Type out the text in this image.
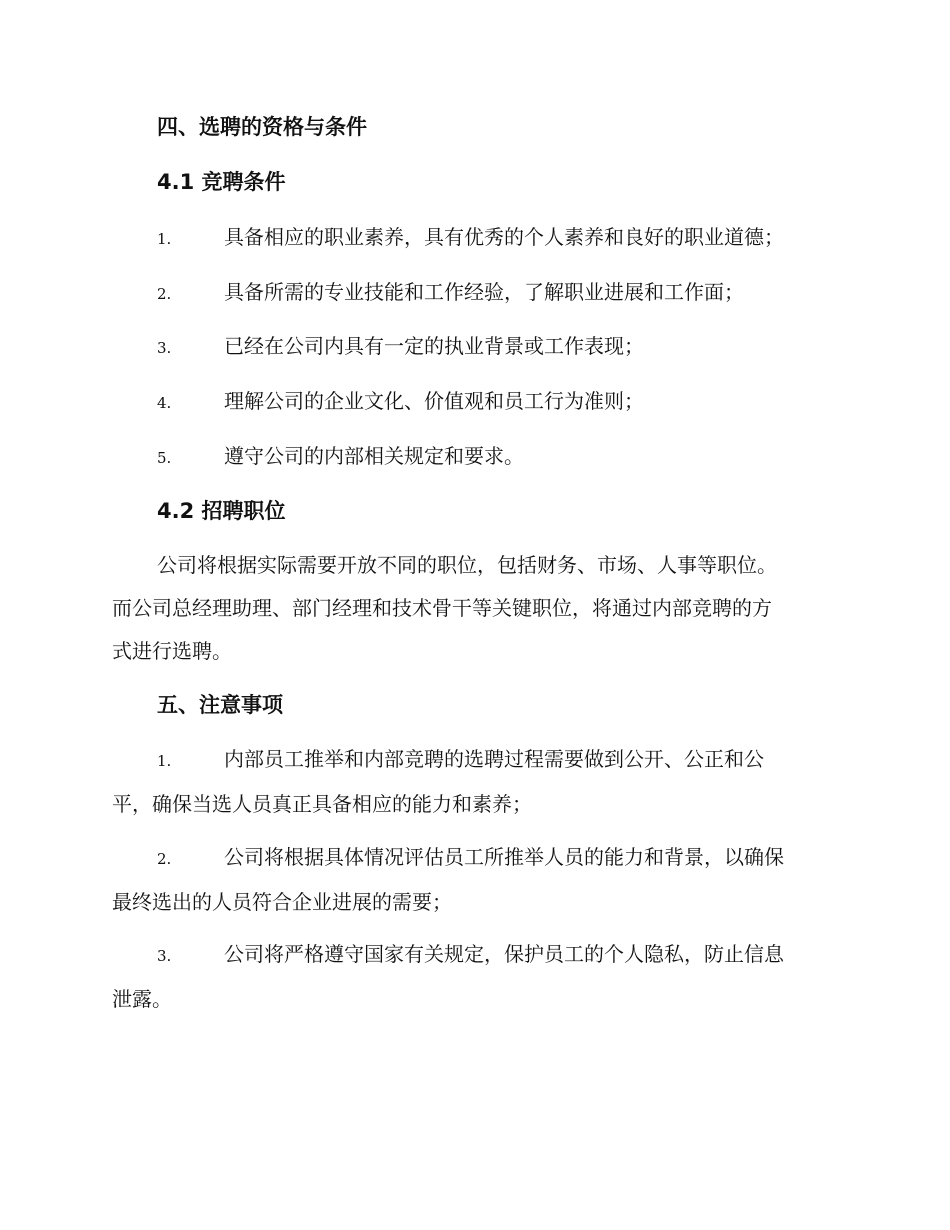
四、选聘的资格与条件
4.1 竞聘条件
1.	具备相应的职业素养，具有优秀的个人素养和良好的职业道德；
2.	具备所需的专业技能和工作经验，了解职业进展和工作面；
3.	已经在公司内具有一定的执业背景或工作表现；
4.	理解公司的企业文化、价值观和员工行为准则；
5.	遵守公司的内部相关规定和要求。
4.2 招聘职位
公司将根据实际需要开放不同的职位，包括财务、市场、人事等职位。
而公司总经理助理、部门经理和技术骨干等关键职位，将通过内部竞聘的方
式进行选聘。
五、注意事项
1.	内部员工推举和内部竞聘的选聘过程需要做到公开、公正和公
平，确保当选人员真正具备相应的能力和素养；
2.	公司将根据具体情况评估员工所推举人员的能力和背景，以确保
最终选出的人员符合企业进展的需要；
3.	公司将严格遵守国家有关规定，保护员工的个人隐私，防止信息
泄露。
